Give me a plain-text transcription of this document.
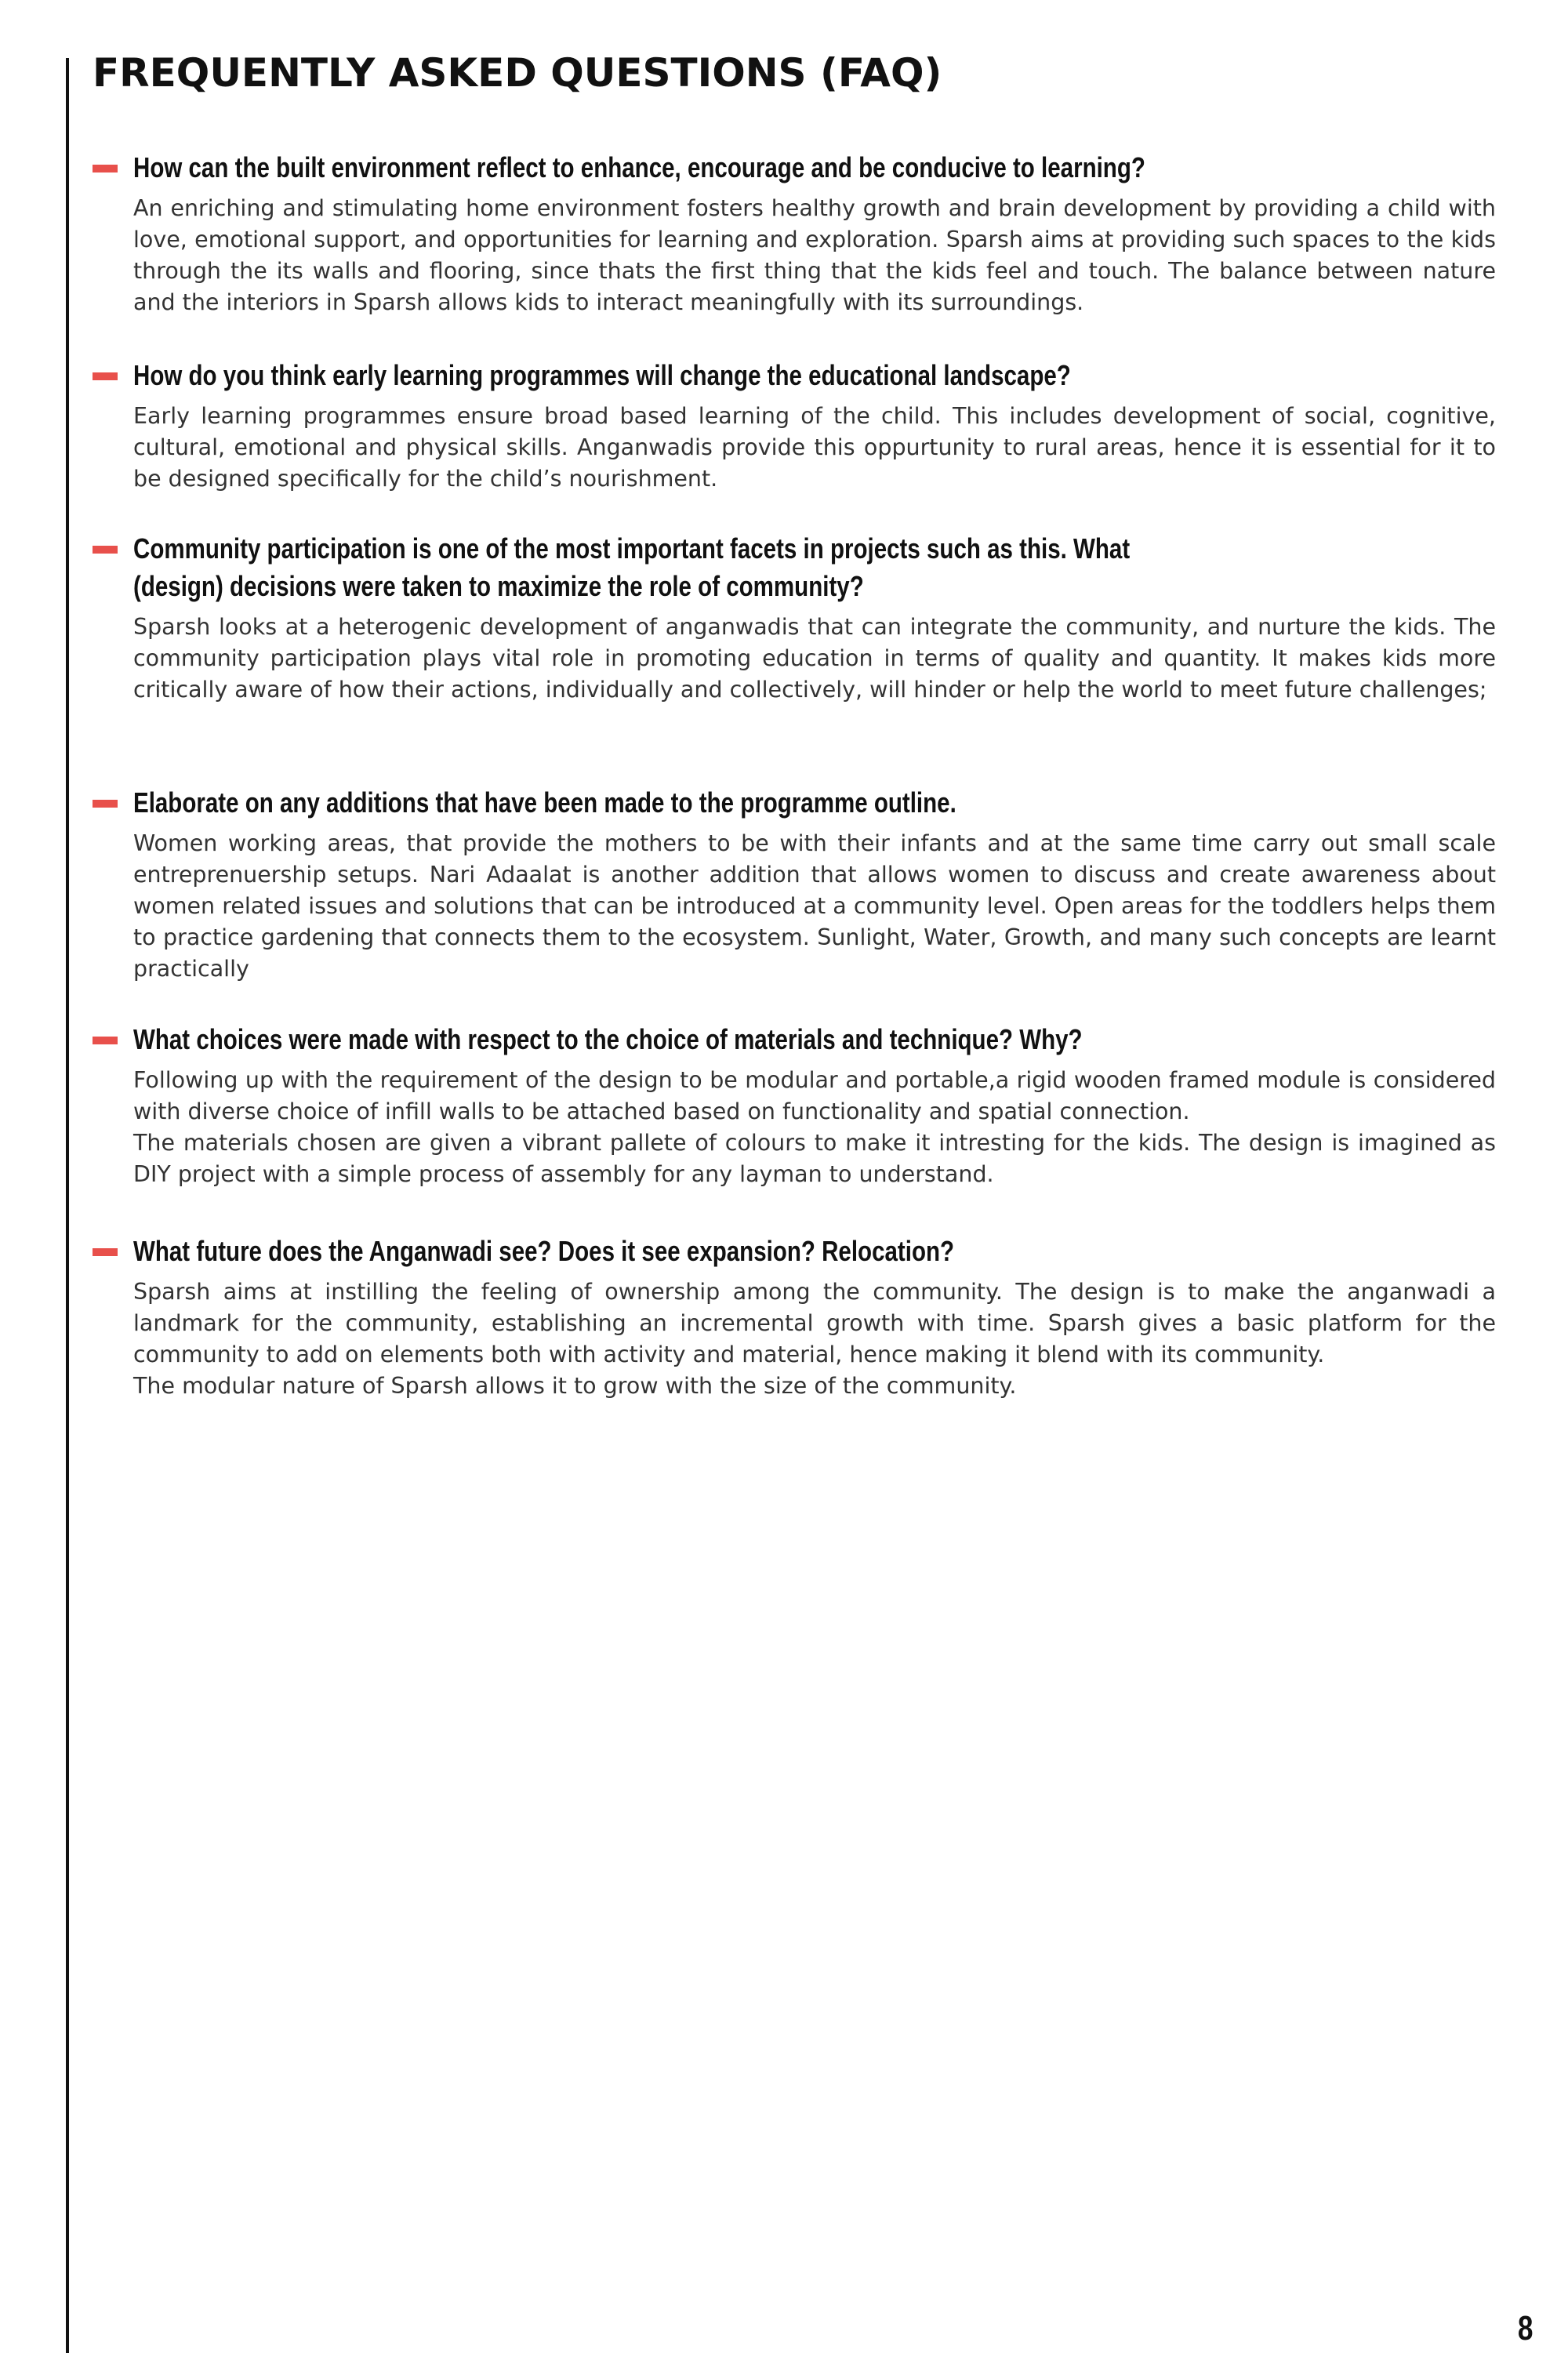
FREQUENTLY ASKED QUESTIONS (FAQ)
How can the built environment reflect to enhance, encourage and be conducive to learning?

An enriching and stimulating home environment fosters healthy growth and brain development by providing a child with love, emotional support, and opportunities for learning and exploration. Sparsh aims at providing such spaces to the kids through the its walls and flooring, since thats the first thing that the kids feel and touch. The balance between nature and the interiors in Sparsh allows kids to interact meaningfully with its surroundings.

How do you think early learning programmes will change the educational landscape?

Early learning programmes ensure broad based learning of the child. This includes development of social, cognitive, cultural, emotional and physical skills. Anganwadis provide this oppurtunity to rural areas, hence it is essential for it to be designed specifically for the child’s nourishment.

Community participation is one of the most important facets in projects such as this. What (design) decisions were taken to maximize the role of community?

Sparsh looks at a heterogenic development of anganwadis that can integrate the community, and nurture the kids. The community participation plays vital role in promoting education in terms of quality and quantity. It makes kids more critically aware of how their actions, individually and collectively, will hinder or help the world to meet future challenges;

Elaborate on any additions that have been made to the programme outline.

Women working areas, that provide the mothers to be with their infants and at the same time carry out small scale entreprenuership setups. Nari Adaalat is another addition that allows women to discuss and create awareness about women related issues and solutions that can be introduced at a community level. Open areas for the toddlers helps them to practice gardening that connects them to the ecosystem. Sunlight, Water, Growth, and many such concepts are learnt practically

What choices were made with respect to the choice of materials and technique? Why?

Following up with the requirement of the design to be modular and portable,a rigid wooden framed module is considered with diverse choice of infill walls to be attached based on functionality and spatial connection.

The materials chosen are given a vibrant pallete of colours to make it intresting for the kids. The design is imagined as DIY project with a simple process of assembly for any layman to understand.

What future does the Anganwadi see? Does it see expansion? Relocation?

Sparsh aims at instilling the feeling of ownership among the community. The design is to make the anganwadi a landmark for the community, establishing an incremental growth with time. Sparsh gives a basic platform for the community to add on elements both with activity and material, hence making it blend with its community.

The modular nature of Sparsh allows it to grow with the size of the community.

8
